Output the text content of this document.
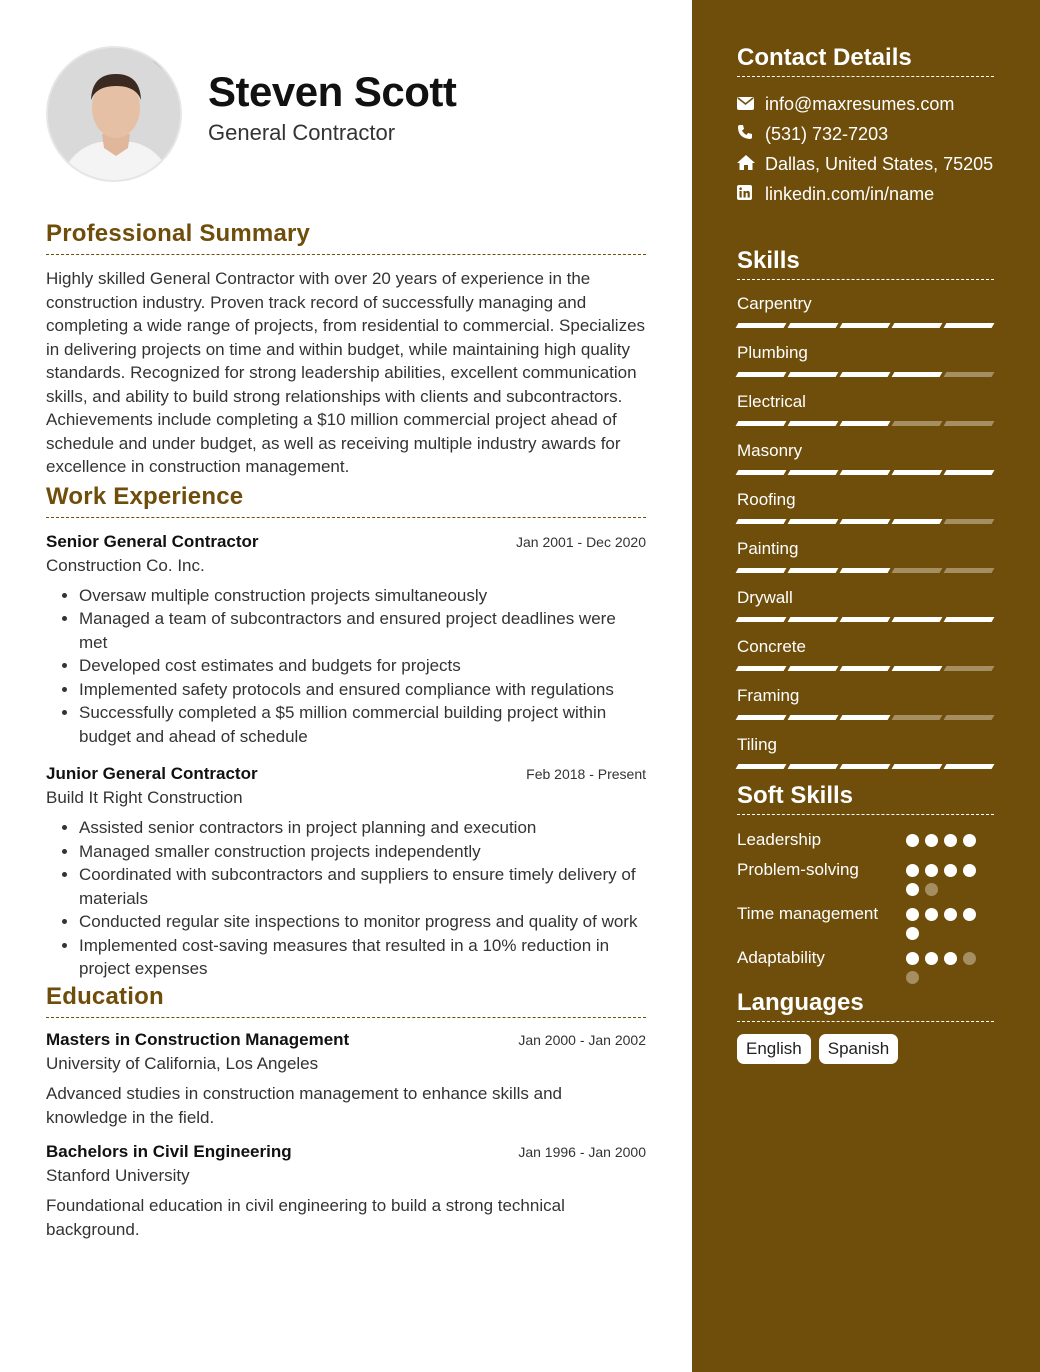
Steven Scott
General Contractor
Professional Summary

Highly skilled General Contractor with over 20 years of experience in the construction industry. Proven track record of successfully managing and completing a wide range of projects, from residential to commercial. Specializes in delivering projects on time and within budget, while maintaining high quality standards. Recognized for strong leadership abilities, excellent communication skills, and ability to build strong relationships with clients and subcontractors. Achievements include completing a $10 million commercial project ahead of schedule and under budget, as well as receiving multiple industry awards for excellence in construction management.

Work Experience
Senior General Contractor	Jan 2001 - Dec 2020
Construction Co. Inc.
• Oversaw multiple construction projects simultaneously
• Managed a team of subcontractors and ensured project deadlines were met
• Developed cost estimates and budgets for projects
• Implemented safety protocols and ensured compliance with regulations
• Successfully completed a $5 million commercial building project within budget and ahead of schedule
Junior General Contractor	Feb 2018 - Present
Build It Right Construction
• Assisted senior contractors in project planning and execution
• Managed smaller construction projects independently
• Coordinated with subcontractors and suppliers to ensure timely delivery of materials
• Conducted regular site inspections to monitor progress and quality of work
• Implemented cost-saving measures that resulted in a 10% reduction in project expenses
Education
Masters in Construction Management	Jan 2000 - Jan 2002
University of California, Los Angeles

Advanced studies in construction management to enhance skills and knowledge in the field.

Bachelors in Civil Engineering	Jan 1996 - Jan 2000
Stanford University

Foundational education in civil engineering to build a strong technical background.

Contact Details
info@maxresumes.com
(531) 732-7203
Dallas, United States, 75205
linkedin.com/in/name
Skills
Carpentry
Plumbing
Electrical
Masonry
Roofing
Painting
Drywall
Concrete
Framing
Tiling
Soft Skills
Leadership
Problem-solving
Time management
Adaptability
Languages
English	Spanish
